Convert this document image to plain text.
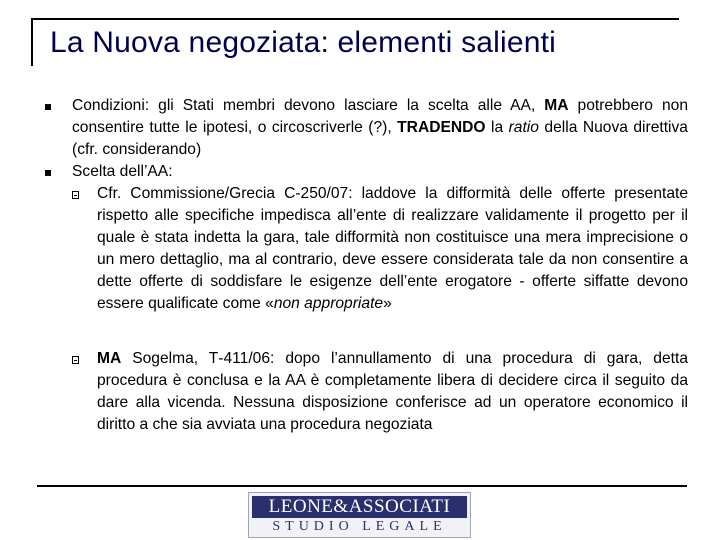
La Nuova negoziata: elementi salienti
Condizioni: gli Stati membri devono lasciare la scelta alle AA, MA potrebbero non consentire tutte le ipotesi, o circoscriverle (?), TRADENDO la ratio della Nuova direttiva (cfr. considerando)
Scelta dell’AA:
Cfr. Commissione/Grecia C-250/07: laddove la difformità delle offerte presentate rispetto alle specifiche impedisca all’ente di realizzare validamente il progetto per il quale è stata indetta la gara, tale difformità non costituisce una mera imprecisione o un mero dettaglio, ma al contrario, deve essere considerata tale da non consentire a dette offerte di soddisfare le esigenze dell’ente erogatore - offerte siffatte devono essere qualificate come «non appropriate»
MA Sogelma, T‑411/06: dopo l’annullamento di una procedura di gara, detta procedura è conclusa e la AA è completamente libera di decidere circa il seguito da dare alla vicenda. Nessuna disposizione conferisce ad un operatore economico il diritto a che sia avviata una procedura negoziata
LEONE&ASSOCIATI
STUDIO LEGALE
